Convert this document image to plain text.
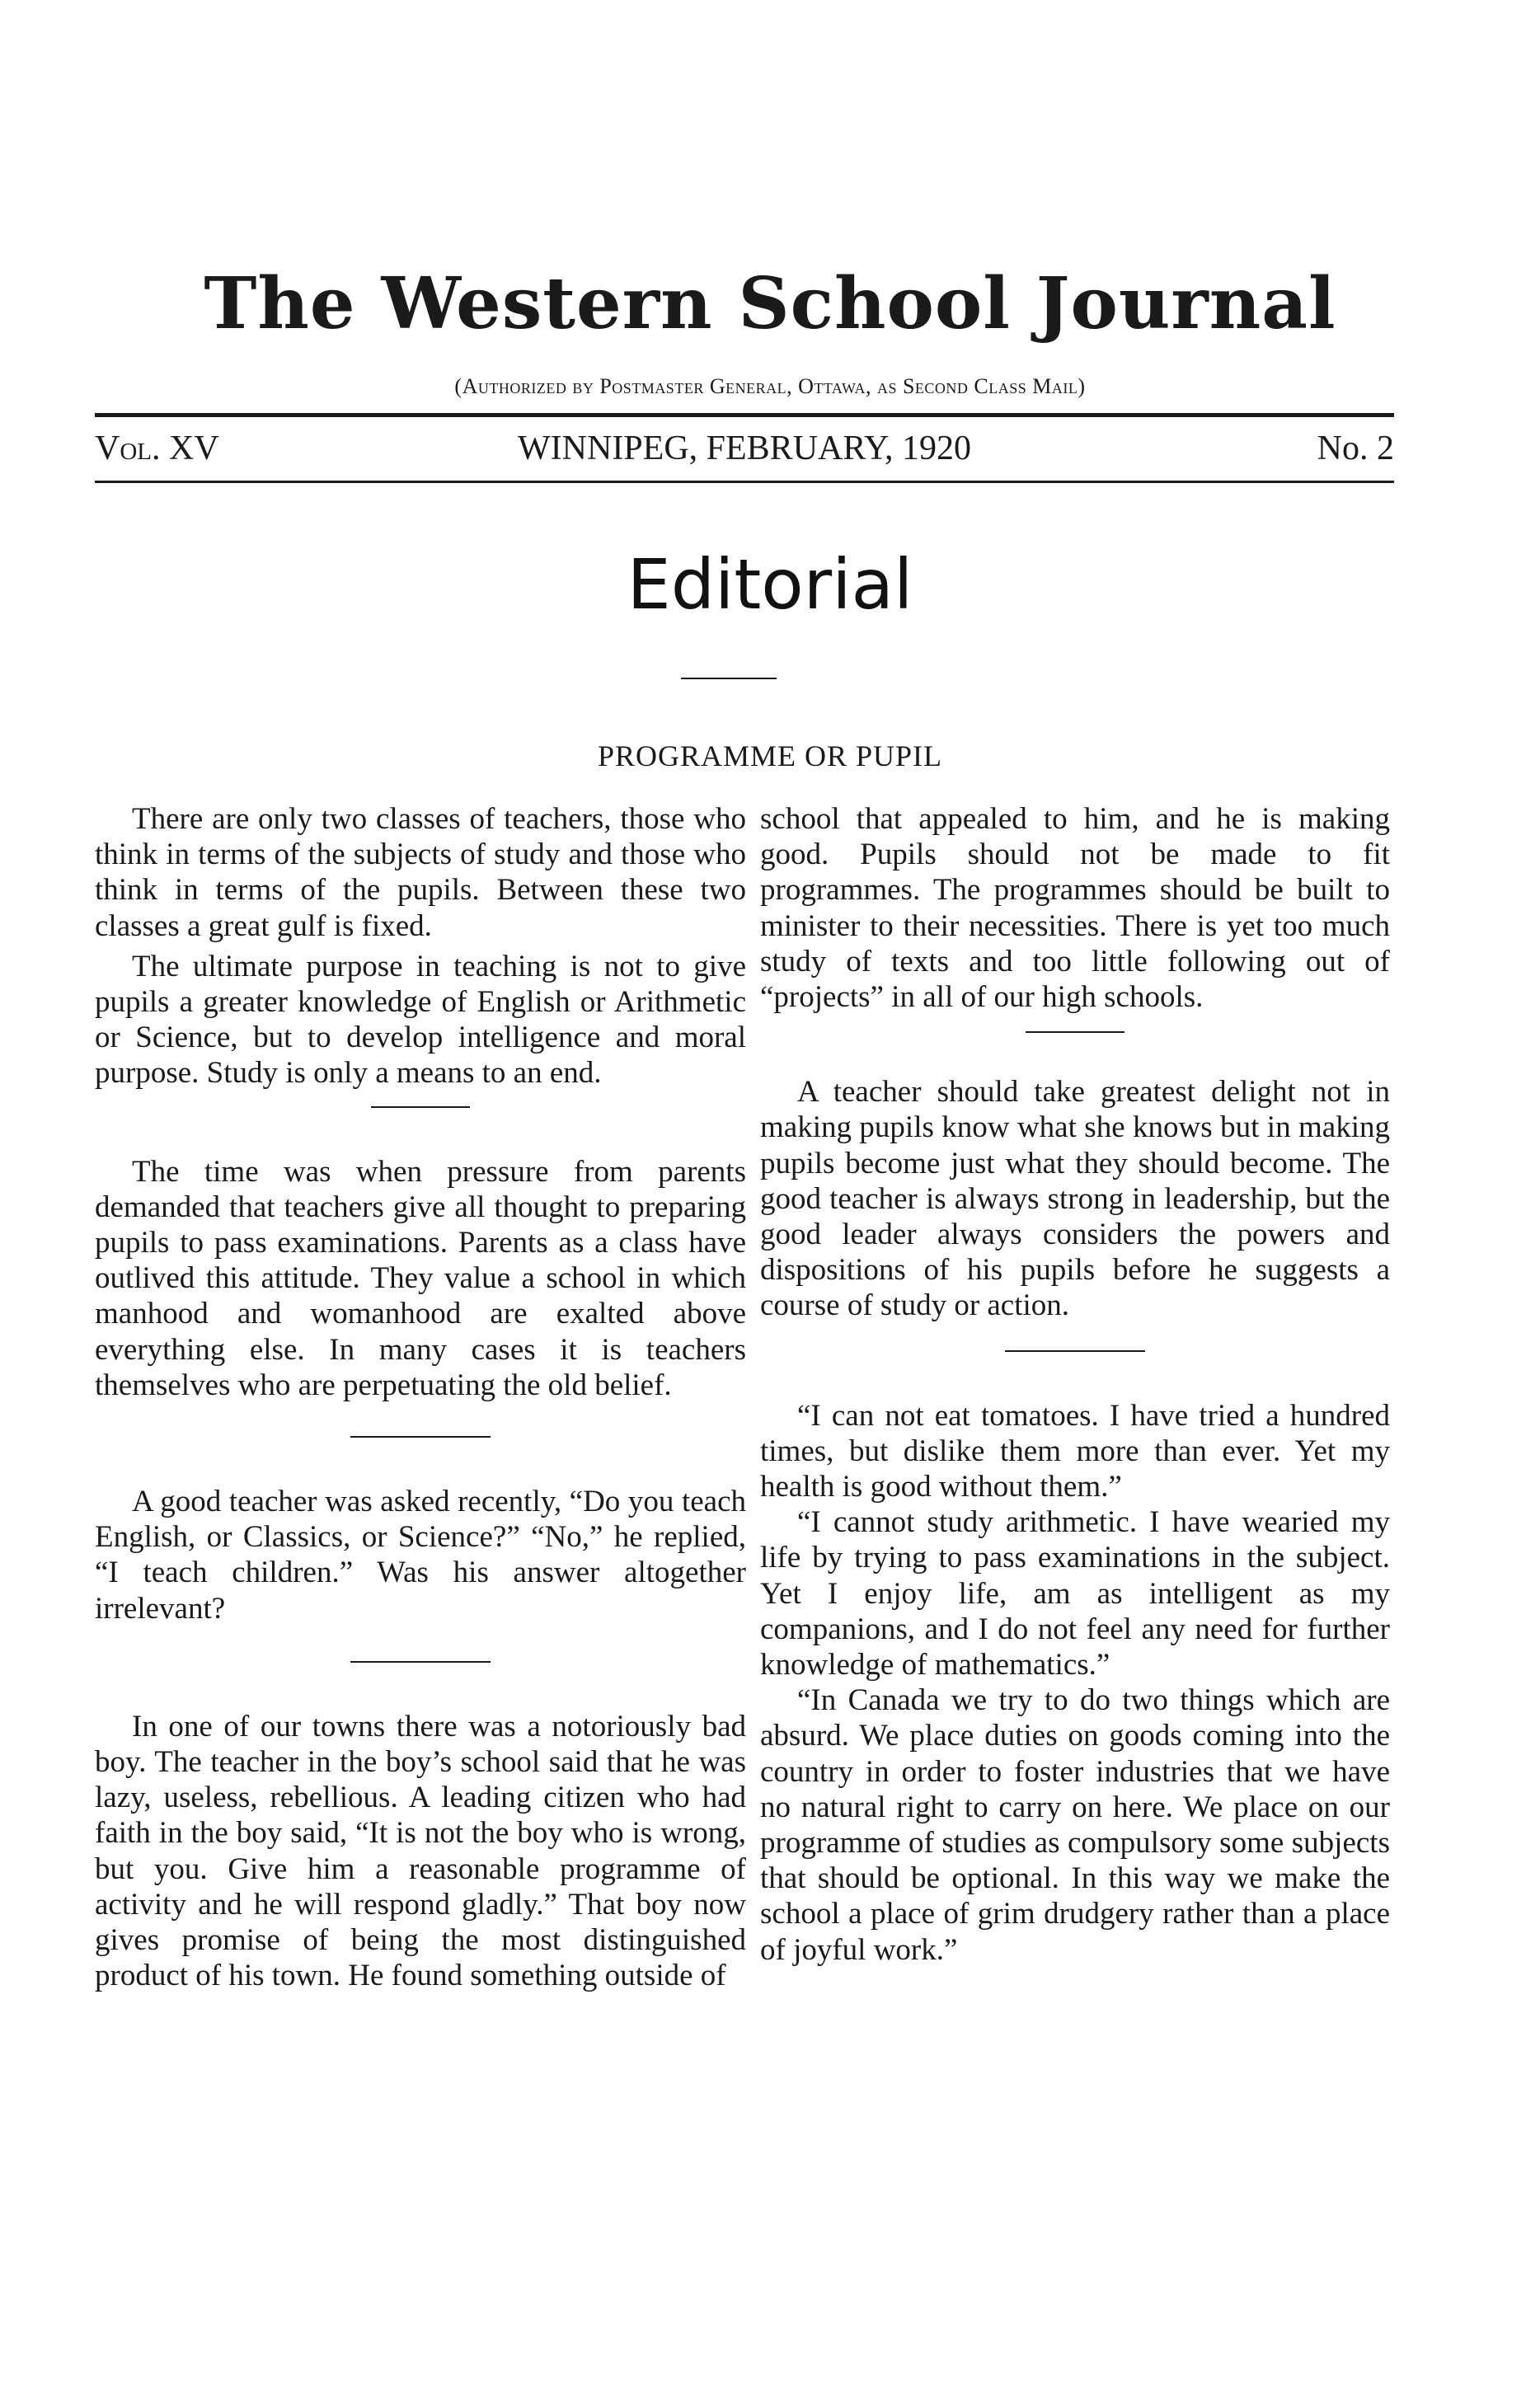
The Western School Journal
(Authorized by Postmaster General, Ottawa, as Second Class Mail)
WINNIPEG, FEBRUARY, 1920
Vol. XV	No. 2
Editorial
PROGRAMME OR PUPIL

There are only two classes of teachers, those who think in terms of the subjects of study and those who think in terms of the pupils. Between these two classes a great gulf is fixed.

The ultimate purpose in teaching is not to give pupils a greater knowledge of English or Arithmetic or Science, but to develop intelligence and moral purpose. Study is only a means to an end.

The time was when pressure from parents demanded that teachers give all thought to preparing pupils to pass examinations. Parents as a class have outlived this attitude. They value a school in which manhood and womanhood are exalted above everything else. In many cases it is teachers themselves who are perpetuating the old belief.

A good teacher was asked recently, “Do you teach English, or Classics, or Science?” “No,” he replied, “I teach children.” Was his answer altogether irrelevant?

In one of our towns there was a notoriously bad boy. The teacher in the boy’s school said that he was lazy, useless, rebellious. A leading citizen who had faith in the boy said, “It is not the boy who is wrong, but you. Give him a reasonable programme of activity and he will respond gladly.” That boy now gives promise of being the most distinguished product of his town. He found something outside of

school that appealed to him, and he is making good. Pupils should not be made to fit programmes. The programmes should be built to minister to their necessities. There is yet too much study of texts and too little following out of “projects” in all of our high schools.

A teacher should take greatest delight not in making pupils know what she knows but in making pupils become just what they should become. The good teacher is always strong in leadership, but the good leader always considers the powers and dispositions of his pupils before he suggests a course of study or action.

“I can not eat tomatoes. I have tried a hundred times, but dislike them more than ever. Yet my health is good without them.”

“I cannot study arithmetic. I have wearied my life by trying to pass examinations in the subject. Yet I enjoy life, am as intelligent as my companions, and I do not feel any need for further knowledge of mathematics.”

“In Canada we try to do two things which are absurd. We place duties on goods coming into the country in order to foster industries that we have no natural right to carry on here. We place on our programme of studies as compulsory some subjects that should be optional. In this way we make the school a place of grim drudgery rather than a place of joyful work.”
